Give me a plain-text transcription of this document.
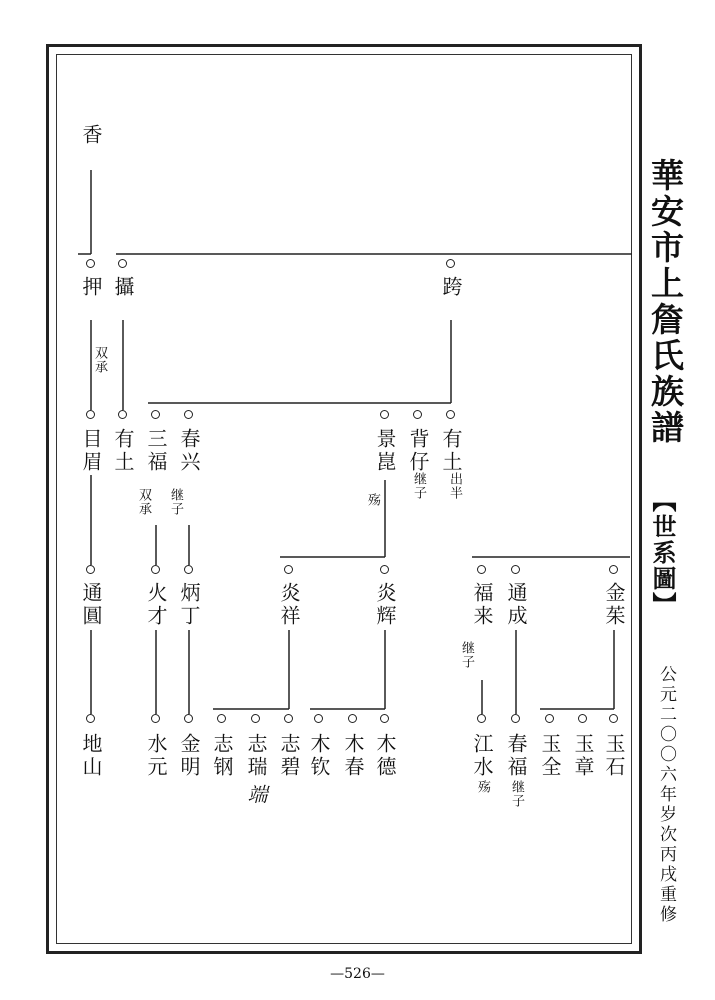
華安市上詹氏族譜
【世系圖】
公元二〇〇六年岁次丙戌重修
香
押 攝	跨
双承
目眉 有土 三福
双承
春兴
继子
景崑
殇
背仔
继子
有土
出半
通圓 火才 炳丁	炎祥	炎辉	福来
继子
通成	金茱
地山 水元 金明 志钢 志瑞
端
志碧 木钦 木春 木德	江水
殇
春福
继子
玉全 玉章 玉石
—526—
